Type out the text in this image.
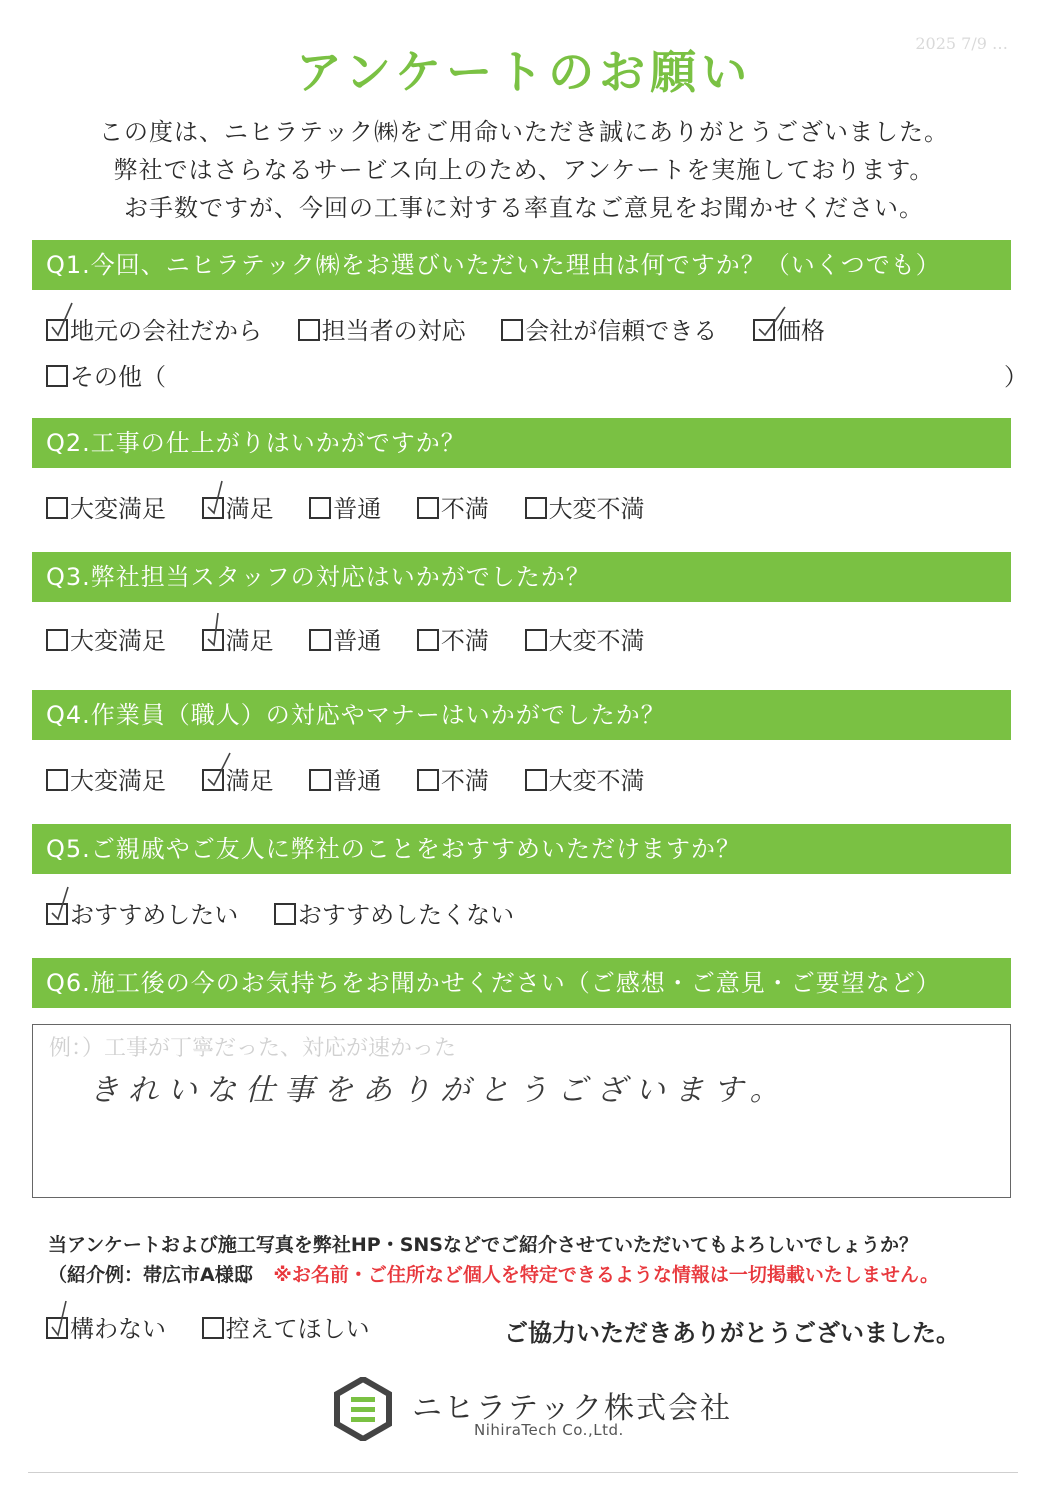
アンケートのお願い
2025 7/9 …
この度は、ニヒラテック㈱をご用命いただき誠にありがとうございました。
弊社ではさらなるサービス向上のため、アンケートを実施しております。
お手数ですが、今回の工事に対する率直なご意見をお聞かせください。
Q1.今回、ニヒラテック㈱をお選びいただいた理由は何ですか？（いくつでも）
地元の会社だから 担当者の対応 会社が信頼できる 価格
その他（	）
Q2.工事の仕上がりはいかがですか？
大変満足 満足 普通 不満 大変不満
Q3.弊社担当スタッフの対応はいかがでしたか？
大変満足 満足 普通 不満 大変不満
Q4.作業員（職人）の対応やマナーはいかがでしたか？
大変満足 満足 普通 不満 大変不満
Q5.ご親戚やご友人に弊社のことをおすすめいただけますか？
おすすめしたい おすすめしたくない
Q6.施工後の今のお気持ちをお聞かせください（ご感想・ご意見・ご要望など）
例：）工事が丁寧だった、対応が速かった
きれいな仕事をありがとうございます。
当アンケートおよび施工写真を弊社HP・SNSなどでご紹介させていただいてもよろしいでしょうか？
（紹介例：帯広市A様邸 ※お名前・ご住所など個人を特定できるような情報は一切掲載いたしません。
構わない 控えてほしい	ご協力いただきありがとうございました。
ニヒラテック株式会社
NihiraTech Co.,Ltd.
